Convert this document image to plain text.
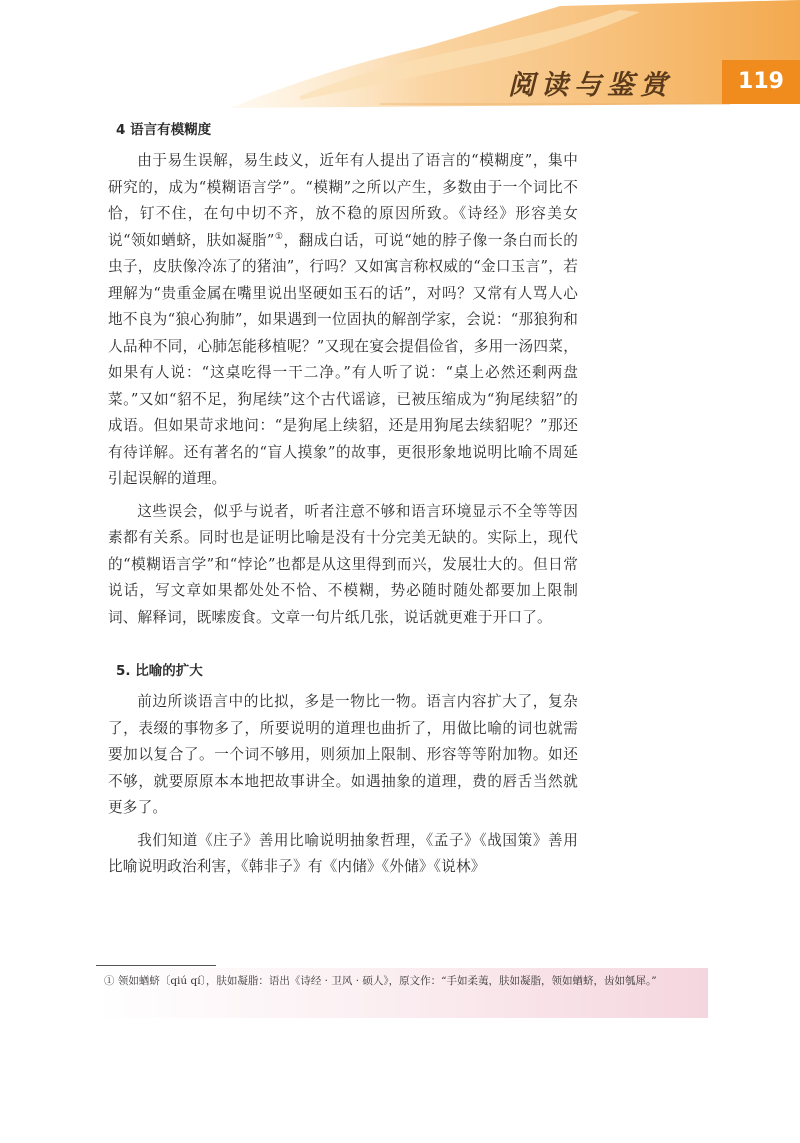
阅读与鉴赏	119
4 语言有模糊度

由于易生误解，易生歧义，近年有人提出了语言的“模糊度”，集中研究的，成为“模糊语言学”。“模糊”之所以产生，多数由于一个词比不恰，钉不住，在句中切不齐，放不稳的原因所致。《诗经》形容美女说“领如蝤蛴，肤如凝脂”①，翻成白话，可说“她的脖子像一条白而长的虫子，皮肤像冷冻了的猪油”，行吗？又如寓言称权威的“金口玉言”，若理解为“贵重金属在嘴里说出坚硬如玉石的话”，对吗？又常有人骂人心地不良为“狼心狗肺”，如果遇到一位固执的解剖学家，会说：“那狼狗和人品种不同，心肺怎能移植呢？”又现在宴会提倡俭省，多用一汤四菜，如果有人说：“这桌吃得一干二净。”有人听了说：“桌上必然还剩两盘菜。”又如“貂不足，狗尾续”这个古代谣谚，已被压缩成为“狗尾续貂”的成语。但如果苛求地问：“是狗尾上续貂，还是用狗尾去续貂呢？”那还有待详解。还有著名的“盲人摸象”的故事，更很形象地说明比喻不周延引起误解的道理。

这些误会，似乎与说者，听者注意不够和语言环境显示不全等等因素都有关系。同时也是证明比喻是没有十分完美无缺的。实际上，现代的“模糊语言学”和“悖论”也都是从这里得到而兴，发展壮大的。但日常说话，写文章如果都处处不恰、不模糊，势必随时随处都要加上限制词、解释词，既嗦废食。文章一句片纸几张，说话就更难于开口了。

5. 比喻的扩大

前边所谈语言中的比拟，多是一物比一物。语言内容扩大了，复杂了，表缀的事物多了，所要说明的道理也曲折了，用做比喻的词也就需要加以复合了。一个词不够用，则须加上限制、形容等等附加物。如还不够，就要原原本本地把故事讲全。如遇抽象的道理，费的唇舌当然就更多了。

我们知道《庄子》善用比喻说明抽象哲理，《孟子》《战国策》善用比喻说明政治利害，《韩非子》有《内储》《外储》《说林》

① 领如蝤蛴〔qiú qí〕，肤如凝脂：语出《诗经 · 卫风 · 硕人》，原文作：“手如柔荑，肤如凝脂，领如蝤蛴，齿如瓠犀。”
